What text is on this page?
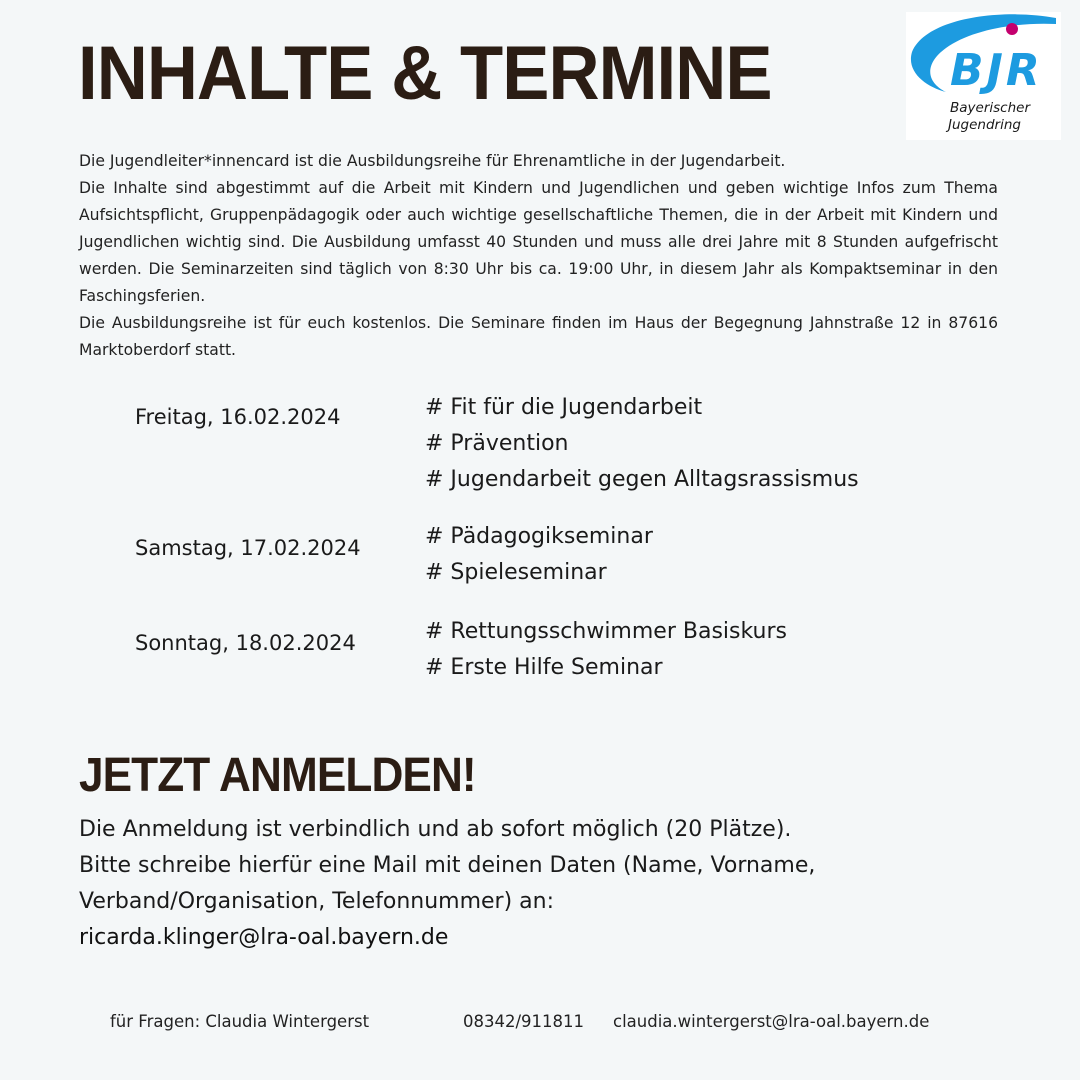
INHALTE & TERMINE	BJR
Bayerischer
Jugendring

Die Jugendleiter*innencard ist die Ausbildungsreihe für Ehrenamtliche in der Jugendarbeit.

Die Inhalte sind abgestimmt auf die Arbeit mit Kindern und Jugendlichen und geben wichtige Infos zum Thema Aufsichtspflicht, Gruppenpädagogik oder auch wichtige gesellschaftliche Themen, die in der Arbeit mit Kindern und Jugendlichen wichtig sind. Die Ausbildung umfasst 40 Stunden und muss alle drei Jahre mit 8 Stunden aufgefrischt werden. Die Seminarzeiten sind täglich von 8:30 Uhr bis ca. 19:00 Uhr, in diesem Jahr als Kompaktseminar in den Faschingsferien.

Die Ausbildungsreihe ist für euch kostenlos. Die Seminare finden im Haus der Begegnung Jahnstraße 12 in 87616 Marktoberdorf statt.

Freitag, 16.02.2024	# Fit für die Jugendarbeit
# Prävention
# Jugendarbeit gegen Alltagsrassismus
Samstag, 17.02.2024	# Pädagogikseminar
# Spieleseminar
Sonntag, 18.02.2024	# Rettungsschwimmer Basiskurs
# Erste Hilfe Seminar
JETZT ANMELDEN!
Die Anmeldung ist verbindlich und ab sofort möglich (20 Plätze).
Bitte schreibe hierfür eine Mail mit deinen Daten (Name, Vorname,
Verband/Organisation, Telefonnummer) an:
ricarda.klinger@lra-oal.bayern.de
für Fragen: Claudia Wintergerst	08342/911811 claudia.wintergerst@lra-oal.bayern.de
